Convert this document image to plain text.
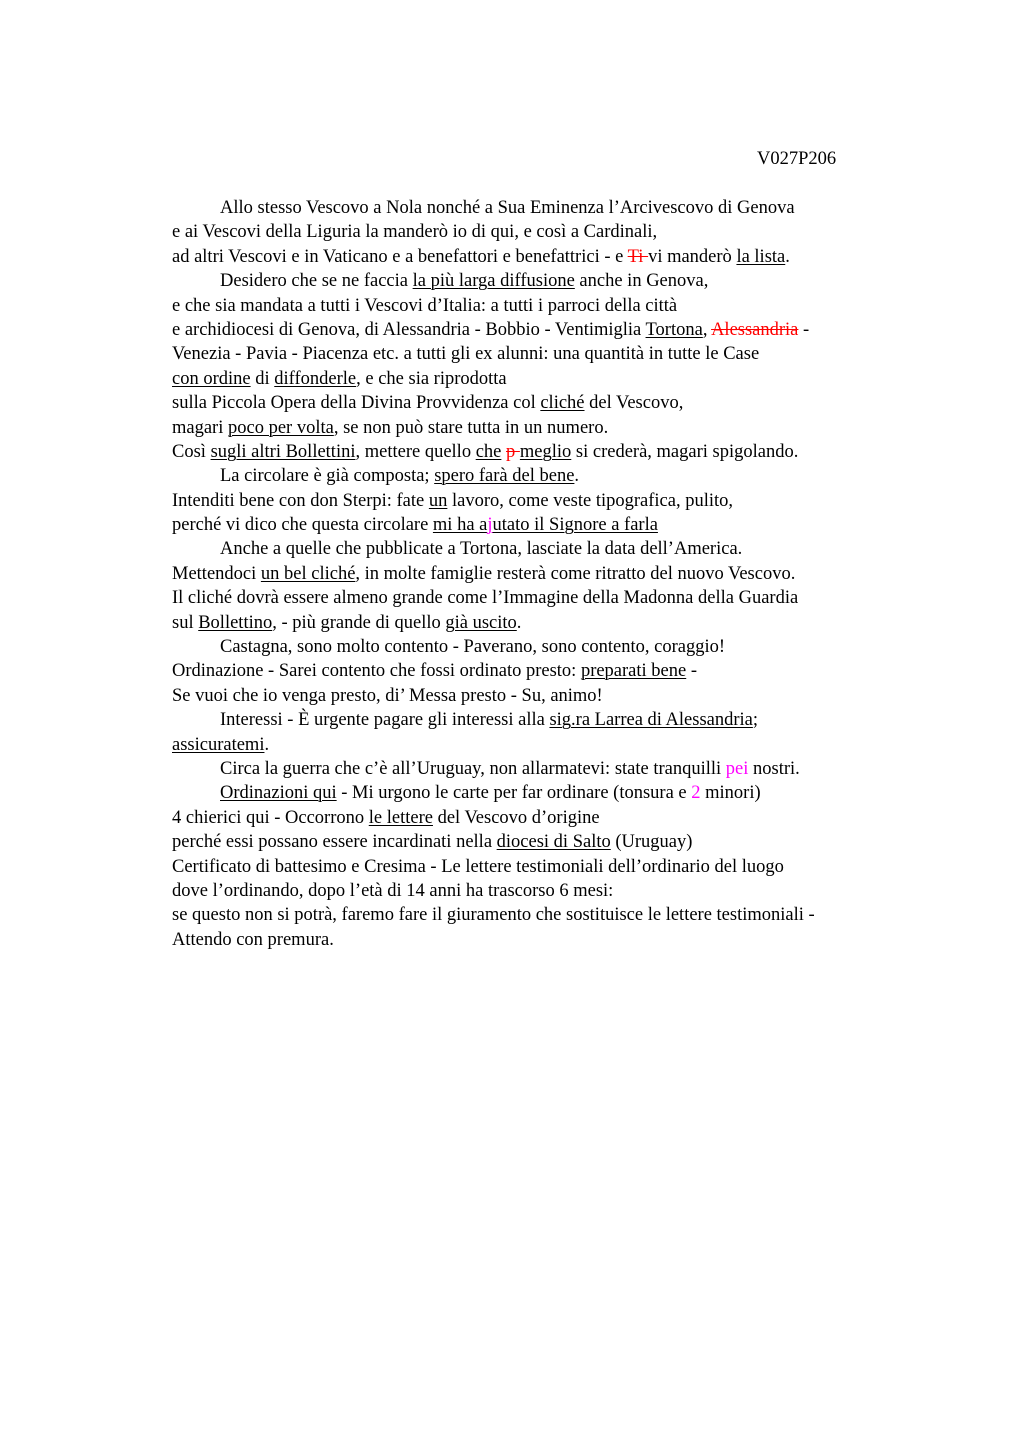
V027P206
Allo stesso Vescovo a Nola nonché a Sua Eminenza l’Arcivescovo di Genova
e ai Vescovi della Liguria la manderò io di qui, e così a Cardinali,
ad altri Vescovi e in Vaticano e a benefattori e benefattrici - e Ti vi manderò la lista.
Desidero che se ne faccia la più larga diffusione anche in Genova,
e che sia mandata a tutti i Vescovi d’Italia: a tutti i parroci della città
e archidiocesi di Genova, di Alessandria - Bobbio - Ventimiglia Tortona, Alessandria -
Venezia - Pavia - Piacenza etc. a tutti gli ex alunni: una quantità in tutte le Case
con ordine di diffonderle, e che sia riprodotta
sulla Piccola Opera della Divina Provvidenza col cliché del Vescovo,
magari poco per volta, se non può stare tutta in un numero.
Così sugli altri Bollettini, mettere quello che p meglio si crederà, magari spigolando.
La circolare è già composta; spero farà del bene.
Intenditi bene con don Sterpi: fate un lavoro, come veste tipografica, pulito,
perché vi dico che questa circolare mi ha ajutato il Signore a farla
Anche a quelle che pubblicate a Tortona, lasciate la data dell’America.
Mettendoci un bel cliché, in molte famiglie resterà come ritratto del nuovo Vescovo.
Il cliché dovrà essere almeno grande come l’Immagine della Madonna della Guardia
sul Bollettino, - più grande di quello già uscito.
Castagna, sono molto contento - Paverano, sono contento, coraggio!
Ordinazione - Sarei contento che fossi ordinato presto: preparati bene -
Se vuoi che io venga presto, di’ Messa presto - Su, animo!
Interessi - È urgente pagare gli interessi alla sig.ra Larrea di Alessandria;
assicuratemi.
Circa la guerra che c’è all’Uruguay, non allarmatevi: state tranquilli pei nostri.
Ordinazioni qui - Mi urgono le carte per far ordinare (tonsura e 2 minori)
4 chierici qui - Occorrono le lettere del Vescovo d’origine
perché essi possano essere incardinati nella diocesi di Salto (Uruguay)
Certificato di battesimo e Cresima - Le lettere testimoniali dell’ordinario del luogo
dove l’ordinando, dopo l’età di 14 anni ha trascorso 6 mesi:
se questo non si potrà, faremo fare il giuramento che sostituisce le lettere testimoniali -
Attendo con premura.
